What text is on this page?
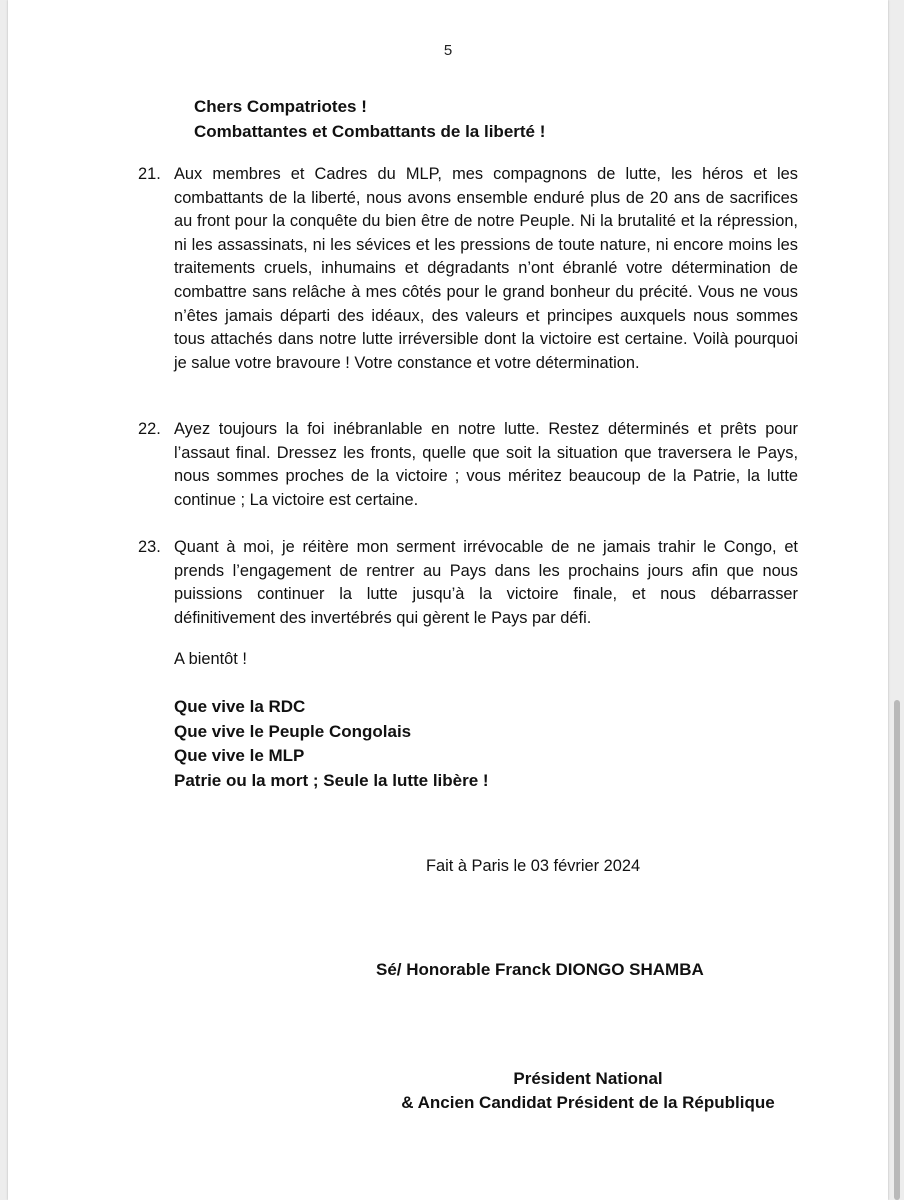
5
Chers Compatriotes !
Combattantes et Combattants de la liberté !
21. Aux membres et Cadres du MLP, mes compagnons de lutte, les héros et les combattants de la liberté, nous avons ensemble enduré plus de 20 ans de sacrifices au front pour la conquête du bien être de notre Peuple. Ni la brutalité et la répression, ni les assassinats, ni les sévices et les pressions de toute nature, ni encore moins les traitements cruels, inhumains et dégradants n’ont ébranlé votre détermination de combattre sans relâche à mes côtés pour le grand bonheur du précité. Vous ne vous n’êtes jamais départi des idéaux, des valeurs et principes auxquels nous sommes tous attachés dans notre lutte irréversible dont la victoire est certaine. Voilà pourquoi je salue votre bravoure ! Votre constance et votre détermination.
22. Ayez toujours la foi inébranlable en notre lutte. Restez déterminés et prêts pour l’assaut final. Dressez les fronts, quelle que soit la situation que traversera le Pays, nous sommes proches de la victoire ; vous méritez beaucoup de la Patrie, la lutte continue ; La victoire est certaine.
23. Quant à moi, je réitère mon serment irrévocable de ne jamais trahir le Congo, et prends l’engagement de rentrer au Pays dans les prochains jours afin que nous puissions continuer la lutte jusqu’à la victoire finale, et nous débarrasser définitivement des invertébrés qui gèrent le Pays par défi.
A bientôt !
Que vive la RDC
Que vive le Peuple Congolais
Que vive le MLP
Patrie ou la mort ; Seule la lutte libère !
Fait à Paris le 03 février 2024
Sé/ Honorable Franck DIONGO SHAMBA
Président National
& Ancien Candidat Président de la République
